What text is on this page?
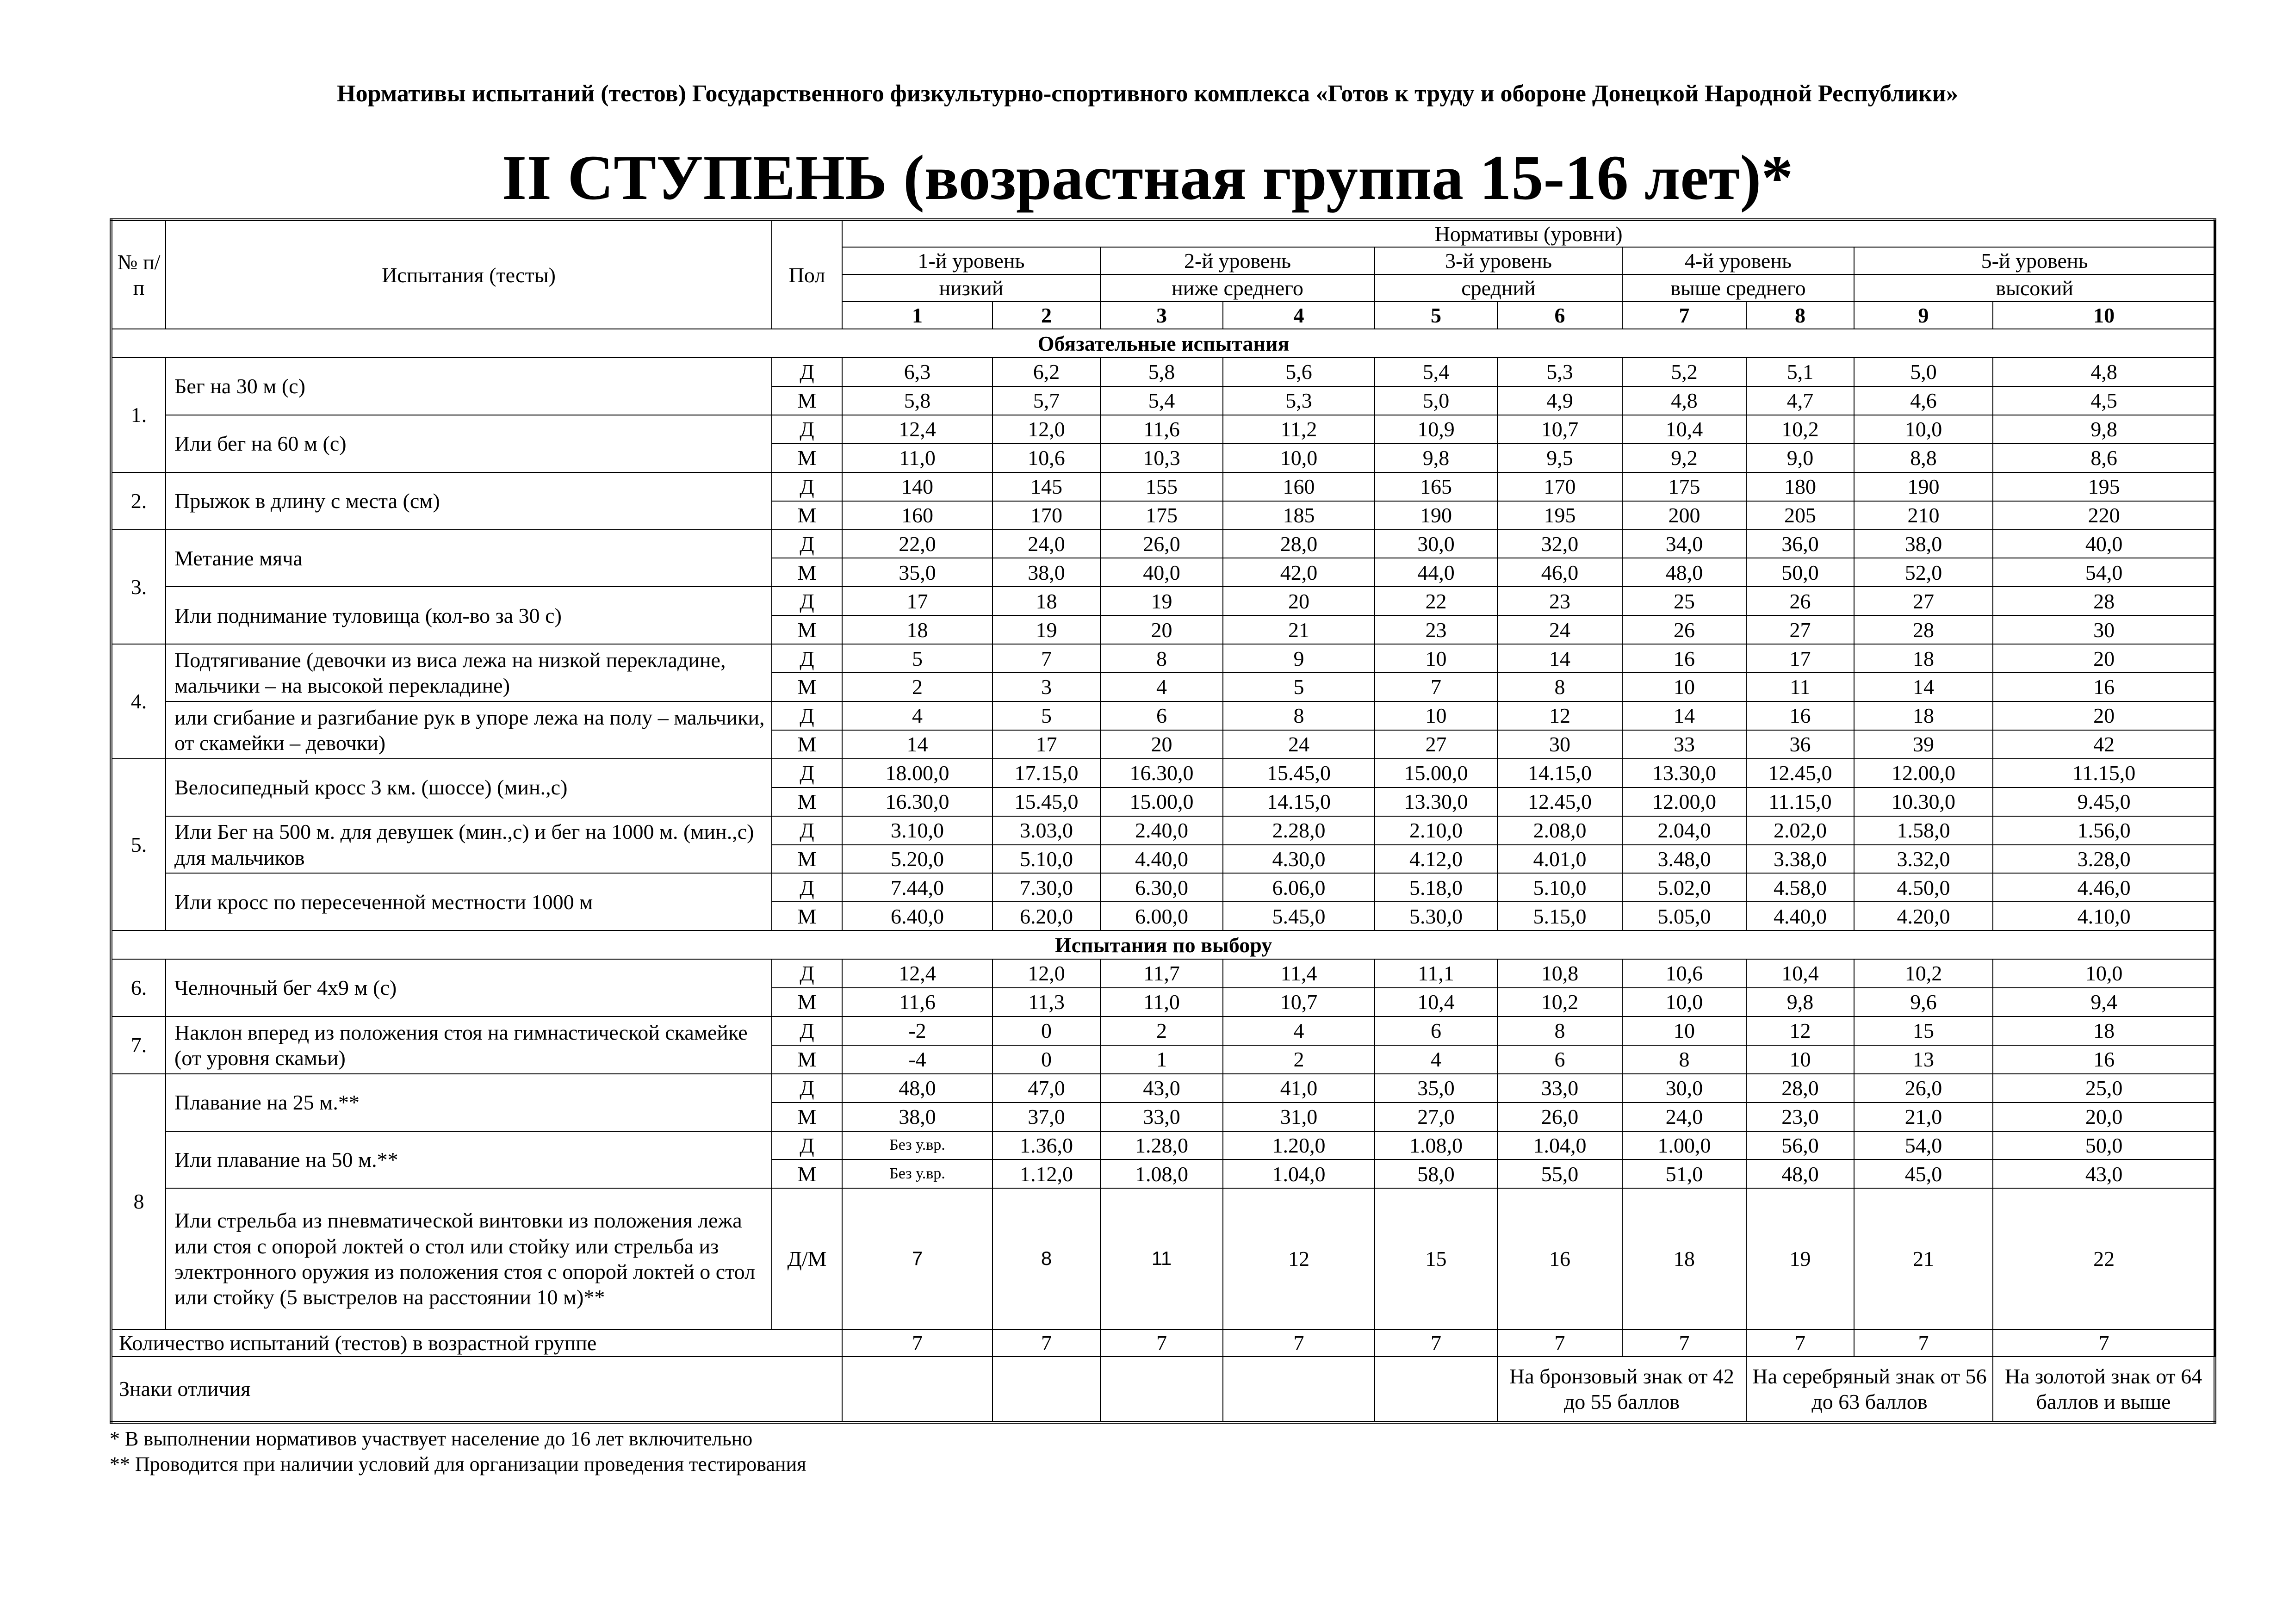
Нормативы испытаний (тестов) Государственного физкультурно-спортивного комплекса «Готов к труду и обороне Донецкой Народной Республики»
II СТУПЕНЬ (возрастная группа 15-16 лет)*
№ п/п	Испытания (тесты)	Пол	Нормативы (уровни)									
			1-й уровень		2-й уровень		3-й уровень		4-й уровень		5-й уровень	
			низкий		ниже среднего		средний		выше среднего		высокий	
			1	2	3	4	5	6	7	8	9	10
Обязательные испытания												
1.	Бег на 30 м (с)	Д	6,3	6,2	5,8	5,6	5,4	5,3	5,2	5,1	5,0	4,8
		М	5,8	5,7	5,4	5,3	5,0	4,9	4,8	4,7	4,6	4,5
	Или бег на 60 м (с)	Д	12,4	12,0	11,6	11,2	10,9	10,7	10,4	10,2	10,0	9,8
		М	11,0	10,6	10,3	10,0	9,8	9,5	9,2	9,0	8,8	8,6
2.	Прыжок в длину с места (см)	Д	140	145	155	160	165	170	175	180	190	195
		М	160	170	175	185	190	195	200	205	210	220
3.	Метание мяча	Д	22,0	24,0	26,0	28,0	30,0	32,0	34,0	36,0	38,0	40,0
		М	35,0	38,0	40,0	42,0	44,0	46,0	48,0	50,0	52,0	54,0
	Или поднимание туловища (кол-во за 30 с)	Д	17	18	19	20	22	23	25	26	27	28
		М	18	19	20	21	23	24	26	27	28	30
4.	Подтягивание (девочки из виса лежа на низкой перекладине, мальчики – на высокой перекладине)	Д	5	7	8	9	10	14	16	17	18	20
		М	2	3	4	5	7	8	10	11	14	16
	или сгибание и разгибание рук в упоре лежа на полу – мальчики, от скамейки – девочки)	Д	4	5	6	8	10	12	14	16	18	20
		М	14	17	20	24	27	30	33	36	39	42
5.	Велосипедный кросс 3 км. (шоссе) (мин.,с)	Д	18.00,0	17.15,0	16.30,0	15.45,0	15.00,0	14.15,0	13.30,0	12.45,0	12.00,0	11.15,0
		М	16.30,0	15.45,0	15.00,0	14.15,0	13.30,0	12.45,0	12.00,0	11.15,0	10.30,0	9.45,0
	Или Бег на 500 м. для девушек (мин.,с) и бег на 1000 м. (мин.,с) для мальчиков	Д	3.10,0	3.03,0	2.40,0	2.28,0	2.10,0	2.08,0	2.04,0	2.02,0	1.58,0	1.56,0
		М	5.20,0	5.10,0	4.40,0	4.30,0	4.12,0	4.01,0	3.48,0	3.38,0	3.32,0	3.28,0
	Или кросс по пересеченной местности 1000 м	Д	7.44,0	7.30,0	6.30,0	6.06,0	5.18,0	5.10,0	5.02,0	4.58,0	4.50,0	4.46,0
		М	6.40,0	6.20,0	6.00,0	5.45,0	5.30,0	5.15,0	5.05,0	4.40,0	4.20,0	4.10,0
Испытания по выбору												
6.	Челночный бег 4х9 м (с)	Д	12,4	12,0	11,7	11,4	11,1	10,8	10,6	10,4	10,2	10,0
		М	11,6	11,3	11,0	10,7	10,4	10,2	10,0	9,8	9,6	9,4
7.	Наклон вперед из положения стоя на гимнастической скамейке (от уровня скамьи)	Д	-2	0	2	4	6	8	10	12	15	18
		М	-4	0	1	2	4	6	8	10	13	16
8	Плавание на 25 м.**	Д	48,0	47,0	43,0	41,0	35,0	33,0	30,0	28,0	26,0	25,0
		М	38,0	37,0	33,0	31,0	27,0	26,0	24,0	23,0	21,0	20,0
	Или плавание на 50 м.**	Д	Без у.вр.	1.36,0	1.28,0	1.20,0	1.08,0	1.04,0	1.00,0	56,0	54,0	50,0
		М	Без у.вр.	1.12,0	1.08,0	1.04,0	58,0	55,0	51,0	48,0	45,0	43,0
	Или стрельба из пневматической винтовки из положения лежа или стоя с опорой локтей о стол или стойку или стрельба из электронного оружия из положения стоя с опорой локтей о стол или стойку (5 выстрелов на расстоянии 10 м)**	Д/М	7	8	11	12	15	16	18	19	21	22
Количество испытаний (тестов) в возрастной группе			7	7	7	7	7	7	7	7	7	7
Знаки отличия								На бронзовый знак от 42 до 55 баллов		На серебряный знак от 56 до 63 баллов		На золотой знак от 64 баллов и выше
* В выполнении нормативов участвует население до 16 лет включительно
** Проводится при наличии условий для организации проведения тестирования
